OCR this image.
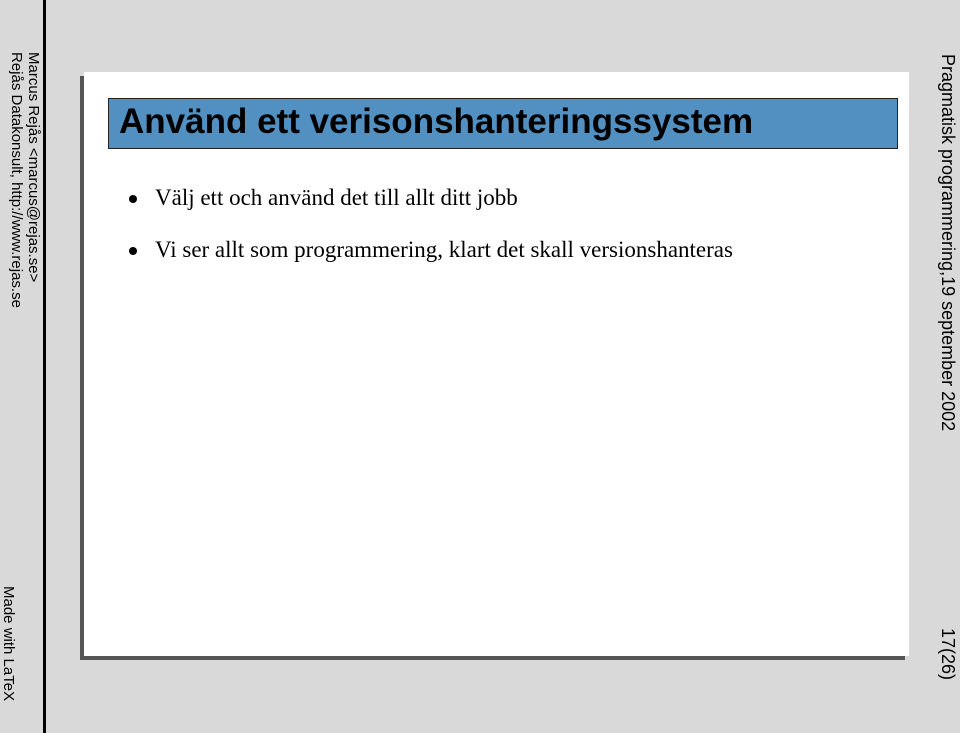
Marcus Rejås <marcus@rejas.se>
Rejås Datakonsult, http://www.rejas.se
Made with LaTeX
Pragmatisk programmering,19 september 2002
17(26)
Använd ett verisonshanteringssystem
Välj ett och använd det till allt ditt jobb
Vi ser allt som programmering, klart det skall versionshanteras
